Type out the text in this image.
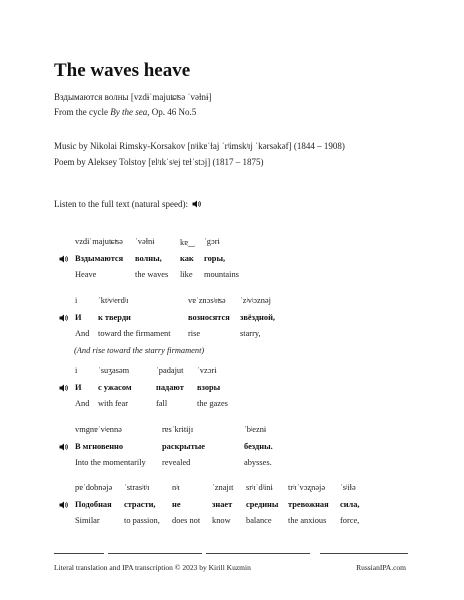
The waves heave
Вздымаются волны [vzdɨˈmajuʨʦə ˈvəɫnɨ]
From the cycle By the sea, Op. 46 No.5
Music by Nikolai Rimsky-Korsakov [nʲikɐˈɫaj ˈrʲimskʲɪj ˈkərsəkəf] (1844 – 1908)
Poem by Aleksey Tolstoy [ɐlʲɪkˈsʲej tɐɫˈstɔj] (1817 – 1875)
Listen to the full text (natural speed):
vzdɨˈmajuʨʦə
Вздымаются
Heave
ˈvəɫnɨ
волны,
the waves
kɐ‿
как
like
ˈgɔrɨ
горы,
mountains
i
И
And
ˈktʲvʲerdʲɪ
к тверди
toward the firmament
vɐˈznɔsʲɪʦə
возносятся
rise
ˈzʲvʲɔznəj
звёздной,
starry,
(And rise toward the starry firmament)
i
И
And
ˈsuʒasəm
с ужасом
with fear
ˈpadajut
падают
fall
ˈvzɔrɨ
взоры
the gazes
vmgnɐˈvʲennə
В мгновенно
Into the momentarily
rɐsˈkrɨtɨjɪ
раскрытые
revealed
ˈbʲeznɨ
бездны.
abysses.
pɐˈdobnəjə
Подобная
Similar
ˈstrasʲtʲɪ
страсти,
to passion,
nʲɪ
не
does not
ˈznajɪt
знает
know
srʲɪˈdʲinɨ
средины
balance
trʲɪˈvɔʐnəjə
тревожная
the anxious
ˈsʲiɫə
сила,
force,
Literal translation and IPA transcription © 2023 by Kirill Kuzmin	RussianIPA.com
